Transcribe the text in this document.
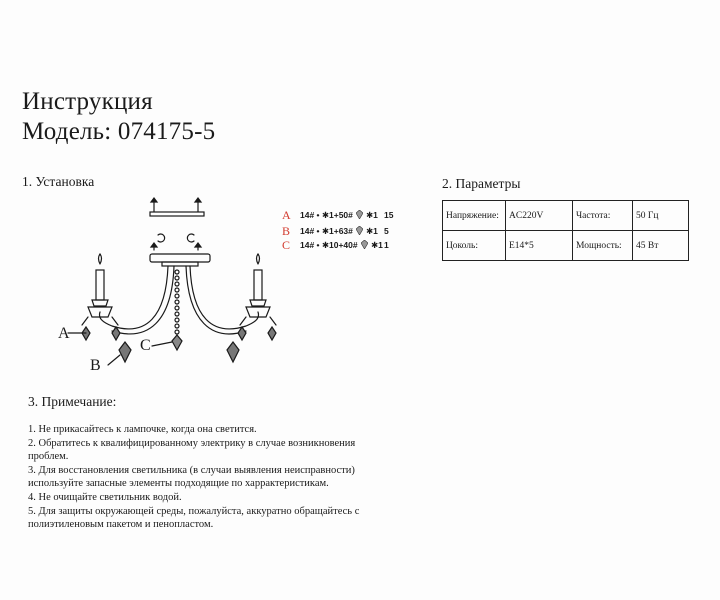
Инструкция
Модель: 074175-5
1. Установка
A
B
C
A	14# • ✱1+50# ✱1 15
B	14# • ✱1+63# ✱1 5
C	14# • ✱10+40# ✱1 1
2. Параметры
Напряжение:	AC220V	Частота:	50 Гц
Цоколь:	E14*5	Мощность:	45 Вт
3. Примечание:
1. Не прикасайтесь к лампочке, когда она светится.
2. Обратитесь к квалифицированному электрику в случае возникновения
проблем.
3. Для восстановления светильника (в случаи выявления неисправности)
используйте запасные элементы подходящие по харрактеристикам.
4. Не очищайте светильник водой.
5. Для защиты окружающей среды, пожалуйста, аккуратно обращайтесь с
полиэтиленовым пакетом и пенопластом.
